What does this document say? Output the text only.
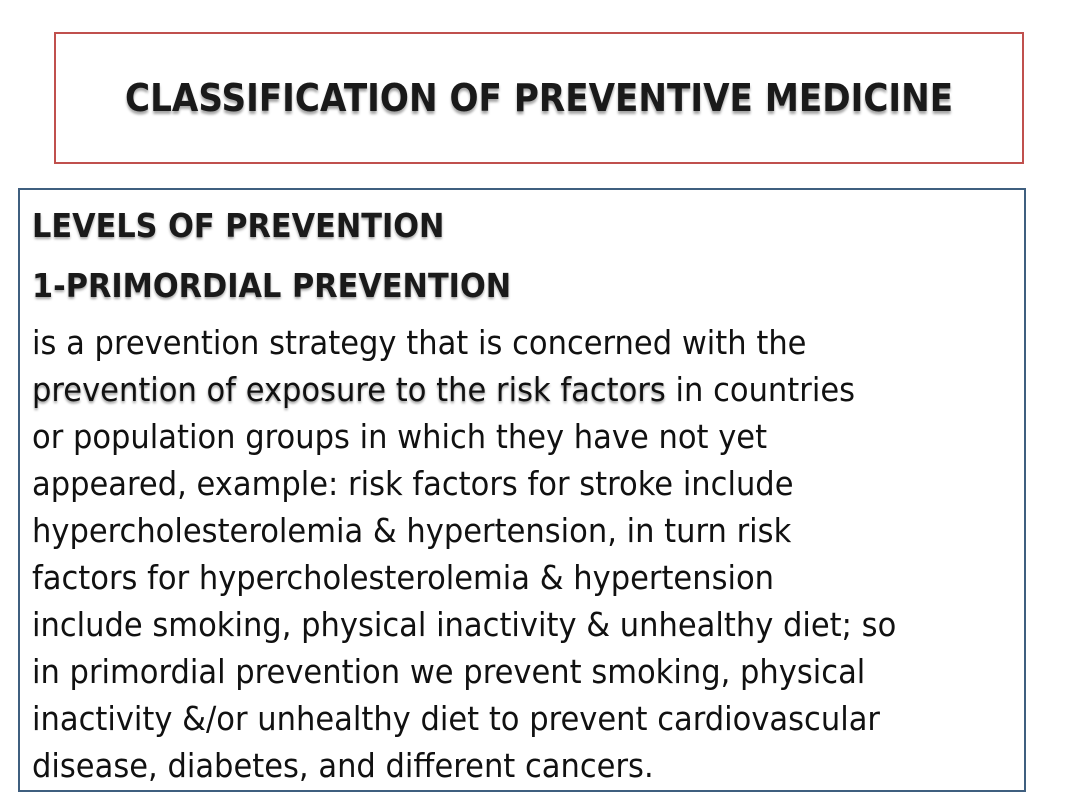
CLASSIFICATION OF PREVENTIVE MEDICINE
LEVELS OF PREVENTION
1-PRIMORDIAL PREVENTION
is a prevention strategy that is concerned with the
prevention of exposure to the risk factors in countries
or population groups in which they have not yet
appeared, example: risk factors for stroke include
hypercholesterolemia & hypertension, in turn risk
factors for hypercholesterolemia & hypertension
include smoking, physical inactivity & unhealthy diet; so
in primordial prevention we prevent smoking, physical
inactivity &/or unhealthy diet to prevent cardiovascular
disease, diabetes, and different cancers.
